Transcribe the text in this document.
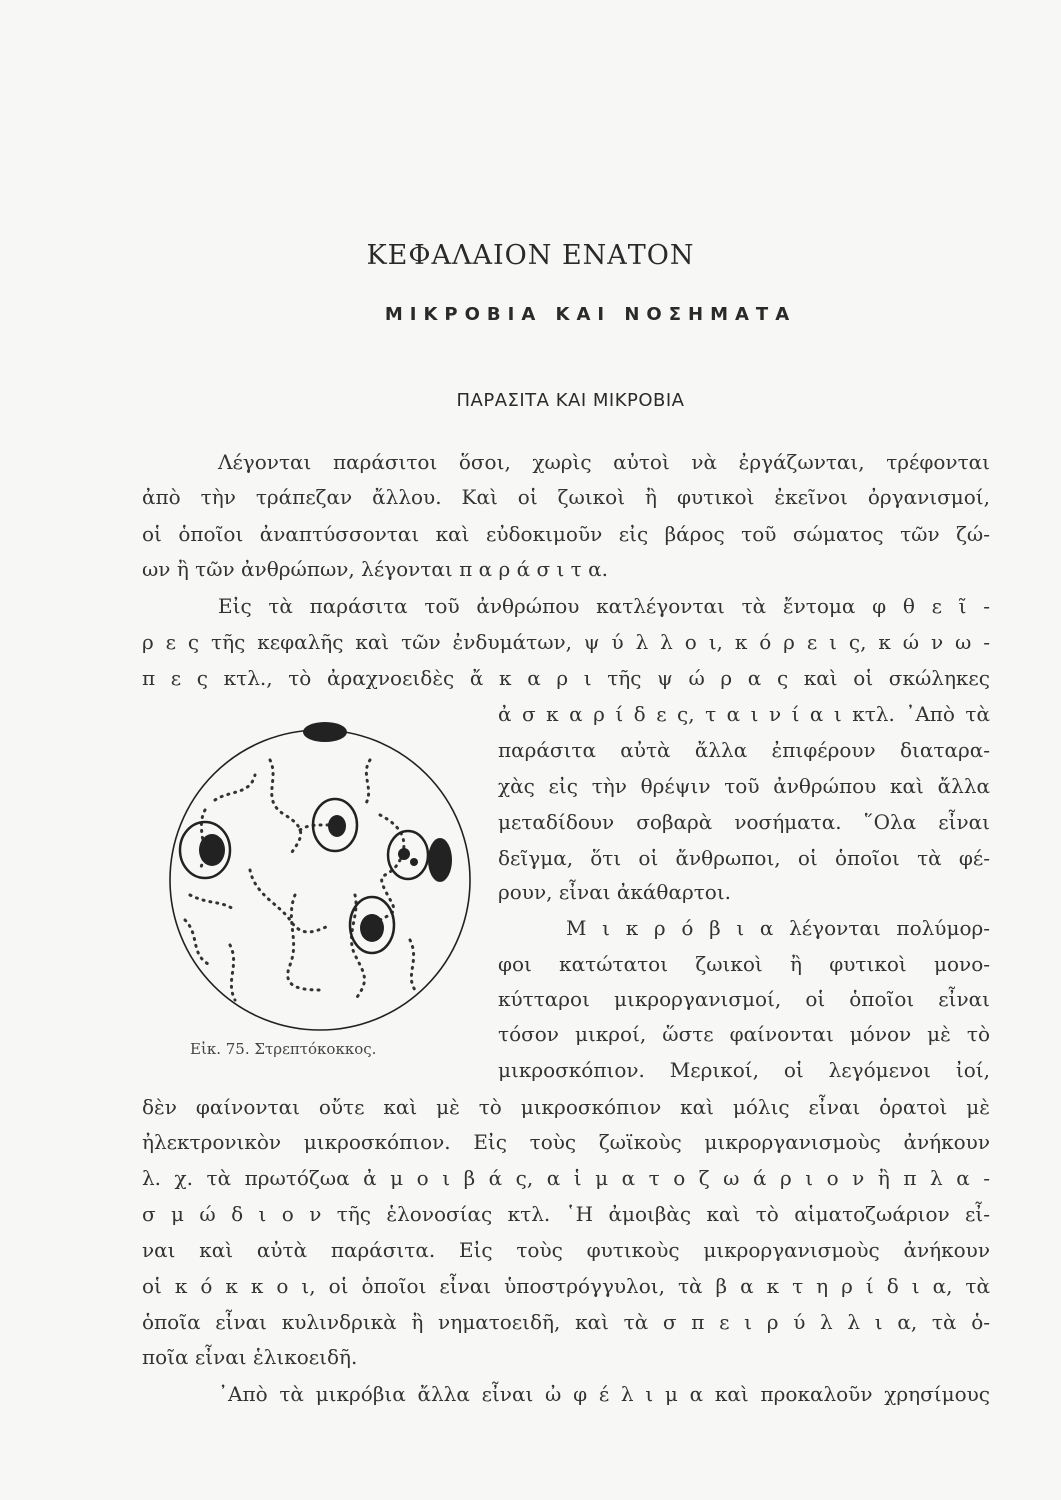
ΚΕΦΑΛΑΙΟΝ ΕΝΑΤΟΝ
ΜΙΚΡΟΒΙΑ ΚΑΙ ΝΟΣΗΜΑΤΑ
ΠΑΡΑΣΙΤΑ ΚΑΙ ΜΙΚΡΟΒΙΑ
Λέγονται παράσιτοι ὅσοι, χωρὶς αὐτοὶ νὰ ἐργάζωνται, τρέφονται
ἀπὸ τὴν τράπεζαν ἄλλου. Καὶ οἱ ζωικοὶ ἢ φυτικοὶ ἐκεῖνοι ὀργανισμοί,
οἱ ὁποῖοι ἀναπτύσσονται καὶ εὐδοκιμοῦν εἰς βάρος τοῦ σώματος τῶν ζώ-
ων ἢ τῶν ἀνθρώπων, λέγονται π α ρ ά σ ι τ α.
Εἰς τὰ παράσιτα τοῦ ἀνθρώπου κατλέγονται τὰ ἔντομα φ θ ε ῖ -
ρ ε ς τῆς κεφαλῆς καὶ τῶν ἐνδυμάτων, ψ ύ λ λ ο ι, κ ό ρ ε ι ς, κ ώ ν ω -
π ε ς κτλ., τὸ ἀραχνοειδὲς ἄ κ α ρ ι τῆς ψ ώ ρ α ς καὶ οἱ σκώληκες
ἀ σ κ α ρ ί δ ε ς, τ α ι ν ί α ι κτλ. ᾽Απὸ τὰ
παράσιτα αὐτὰ ἄλλα ἐπιφέρουν διαταρα-
χὰς εἰς τὴν θρέψιν τοῦ ἀνθρώπου καὶ ἄλλα
μεταδίδουν σοβαρὰ νοσήματα. ῞Ολα εἶναι
δεῖγμα, ὅτι οἱ ἄνθρωποι, οἱ ὁποῖοι τὰ φέ-
ρουν, εἶναι ἀκάθαρτοι.
Μ ι κ ρ ό β ι α λέγονται πολύμορ-
φοι κατώτατοι ζωικοὶ ἢ φυτικοὶ μονο-
κύτταροι μικροργανισμοί, οἱ ὁποῖοι εἶναι
τόσον μικροί, ὥστε φαίνονται μόνον μὲ τὸ
μικροσκόπιον. Μερικοί, οἱ λεγόμενοι ἰοί,
Εἰκ. 75. Στρεπτόκοκκος.
δὲν φαίνονται οὔτε καὶ μὲ τὸ μικροσκόπιον καὶ μόλις εἶναι ὁρατοὶ μὲ
ἠλεκτρονικὸν μικροσκόπιον. Εἰς τοὺς ζωϊκοὺς μικροργανισμοὺς ἀνήκουν
λ. χ. τὰ πρωτόζωα ἀ μ ο ι β ά ς, α ἱ μ α τ ο ζ ω ά ρ ι ο ν ἢ π λ α -
σ μ ώ δ ι ο ν τῆς ἑλονοσίας κτλ. ῾Η ἀμοιβὰς καὶ τὸ αἱματοζωάριον εἶ-
ναι καὶ αὐτὰ παράσιτα. Εἰς τοὺς φυτικοὺς μικροργανισμοὺς ἀνήκουν
οἱ κ ό κ κ ο ι, οἱ ὁποῖοι εἶναι ὑποστρόγγυλοι, τὰ β α κ τ η ρ ί δ ι α, τὰ
ὁποῖα εἶναι κυλινδρικὰ ἢ νηματοειδῆ, καὶ τὰ σ π ε ι ρ ύ λ λ ι α, τὰ ὁ-
ποῖα εἶναι ἑλικοειδῆ.
᾽Απὸ τὰ μικρόβια ἄλλα εἶναι ὠ φ έ λ ι μ α καὶ προκαλοῦν χρησίμους
